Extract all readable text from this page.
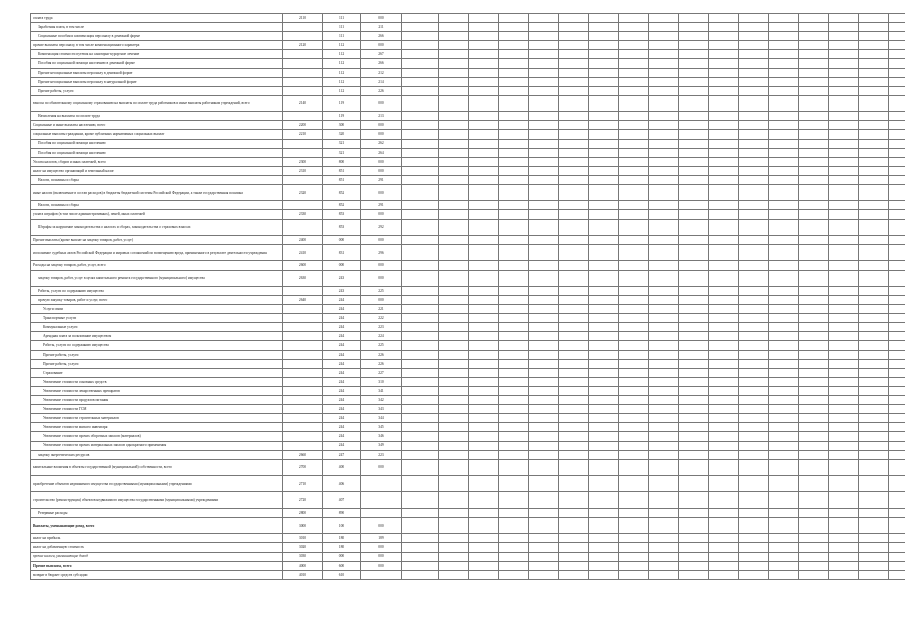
оплата труда	2110	111	000																			
Заработная плата, в том числе		111	211																			
Социальные пособия и компенсация персоналу в денежной форме		111	266																			
прочие выплаты персоналу, в том числе компенсационного характера	2120	112	000																			
Компенсация стоимости путевок на санаторно-курортное лечение		112	267																			
Пособия по социальной помощи населению в денежной форме		112	266																			
Прочие несоциальные выплаты персоналу в денежной форме		112	212																			
Прочие несоциальные выплаты персоналу в натуральной форме		112	214																			
Прочие работы, услуги		112	226																			
взносы по обязательному социальному страхованию на выплаты по оплате труда работников и иные выплаты работникам учреждений, всего	2140	119	000																			
Начисления на выплаты по оплате труда		119	213																			
Социальные и иные выплаты населению, всего	2200	300	000																			
социальные выплаты гражданам, кроме публичных нормативных социальных выплат	2210	320	000																			
Пособия по социальной помощи населению		321	262																			
Пособия по социальной помощи населению		321	264																			
Уплата налогов, сборов и иных платежей, всего	2300	800	000																			
налог на имущество организаций и земельный налог	2310	851	000																			
Налоги, пошлины и сборы		851	291																			
иные налоги (включаемые в состав расходов) в бюджеты бюджетной системы Российской Федерации, а также государственная пошлина	2320	852	000																			
Налоги, пошлины и сборы		852	291																			
уплата штрафов (в том числе административных), пеней, иных платежей	2330	853	000																			
Штрафы за нарушение законодательства о налогах и сборах, законодательства о страховых взносах		853	292																			
Прочие выплаты (кроме выплат на закупку товаров, работ, услуг)	2400	000	000																			
исполнение судебных актов Российской Федерации и мировых соглашений по возмещению вреда, причиненного в результате деятельности учреждения	2410	831	296																			
Расходы на закупку товаров, работ, услуг, всего	2600	000	000																			
закупку товаров, работ, услуг в целях капитального ремонта государственного (муниципального) имущества	2630	243	000																			
Работы, услуги по содержанию имущества		243	225																			
прочую закупку товаров, работ и услуг, всего	2640	244	000																			
Услуги связи		244	221																			
Транспортные услуги		244	222																			
Коммунальные услуги		244	223																			
Арендная плата за пользование имуществом		244	224																			
Работы, услуги по содержанию имущества		244	225																			
Прочие работы, услуги		244	226																			
Прочие работы, услуги		244	226																			
Страхование		244	227																			
Увеличение стоимости основных средств		244	310																			
Увеличение стоимости лекарственных препаратов		244	341																			
Увеличение стоимости продуктов питания		244	342																			
Увеличение стоимости ГСМ		244	343																			
Увеличение стоимости строительных материалов		244	344																			
Увеличение стоимости мягкого инвентаря		244	345																			
Увеличение стоимости прочих оборотных запасов (материалов)		244	346																			
Увеличение стоимости прочих материальных запасов однократного применения		244	349																			
закупку энергетических ресурсов	2660	247	223																			
капитальные вложения в объекты государственной (муниципальной) собственности, всего	2700	400	000																			
приобретение объектов недвижимого имущества государственными (муниципальными) учреждениями	2710	406																				
строительство (реконструкция) объектов недвижимого имущества государственными (муниципальными) учреждениями	2720	407																				
Резервные расходы	2800	890																				
Выплаты, уменьшающие доход, всего	3000	100	000																			
налог на прибыль	3010	180	189																			
налог на добавленную стоимость	3020	180	000																			
прочие налоги, уменьшающие доход	3030	000	000																			
Прочие выплаты, всего	4000	600	000																			
возврат в бюджет средств субсидии	4010	610																				
